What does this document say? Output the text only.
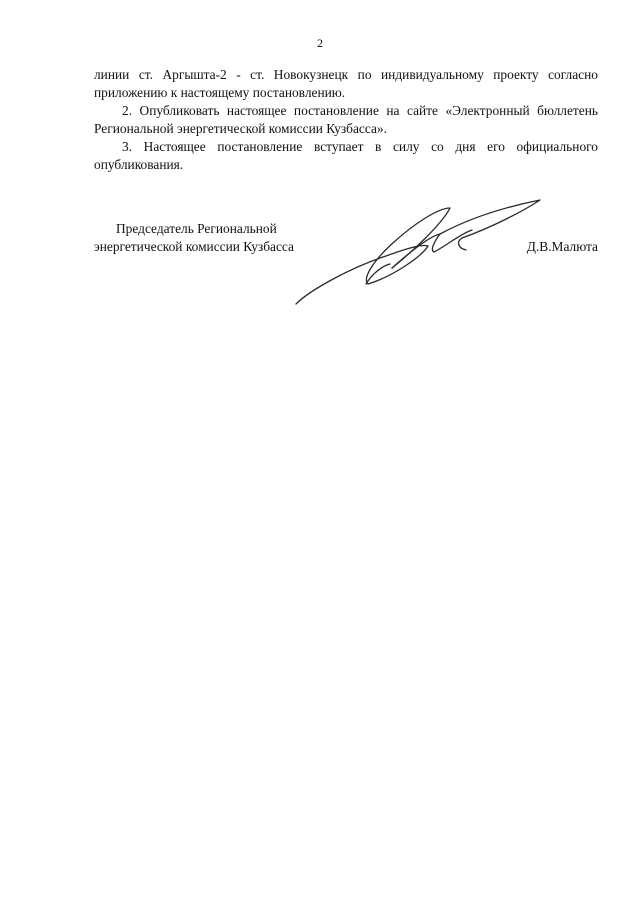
2

линии ст. Аргышта-2 - ст. Новокузнецк по индивидуальному проекту согласно приложению к настоящему постановлению.

2. Опубликовать настоящее постановление на сайте «Электронный бюллетень Региональной энергетической комиссии Кузбасса».

3. Настоящее постановление вступает в силу со дня его официального опубликования.

Председатель Региональной
энергетической комиссии Кузбасса	Д.В.Малюта
